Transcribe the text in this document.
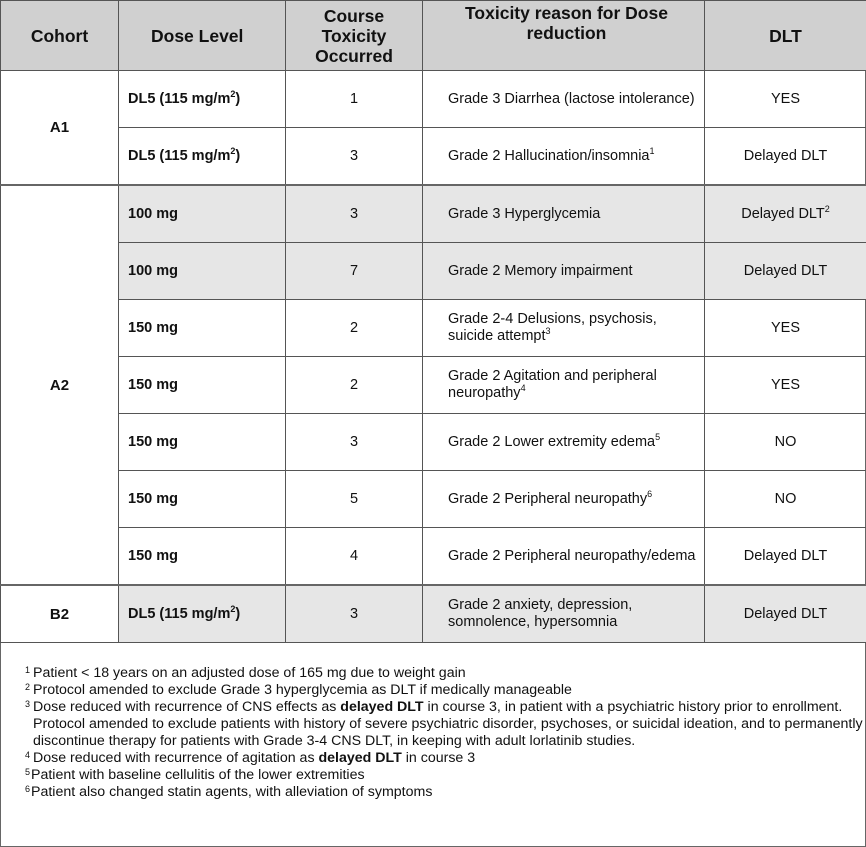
Cohort	Dose Level	Course Toxicity Occurred	Toxicity reason for Dose reduction	DLT
A1	DL5 (115 $mg/m^2$)	1	Grade 3 Diarrhea (lactose intolerance)	YES
	DL5 (115 $mg/m^2$)	3	Grade 2 Hallucination/insomnia$^1$	Delayed DLT
A2	100 mg	3	Grade 3 Hyperglycemia	Delayed DLT$^2$
	100 mg	7	Grade 2 Memory impairment	Delayed DLT
	150 mg	2	Grade 2-4 Delusions, psychosis, suicide attempt$^3$	YES
	150 mg	2	Grade 2 Agitation and peripheral neuropathy$^4$	YES
	150 mg	3	Grade 2 Lower extremity edema$^5$	NO
	150 mg	5	Grade 2 Peripheral neuropathy$^6$	NO
	150 mg	4	Grade 2 Peripheral neuropathy/edema	Delayed DLT
B2	DL5 (115 $mg/m^2$)	3	Grade 2 anxiety, depression, somnolence, hypersomnia	Delayed DLT
1 Patient < 18 years on an adjusted dose of 165 mg due to weight gain
2 Protocol amended to exclude Grade 3 hyperglycemia as DLT if medically manageable
3 Dose reduced with recurrence of CNS effects as delayed DLT in course 3, in patient with a psychiatric history prior to enrollment. Protocol amended to exclude patients with history of severe psychiatric disorder, psychoses, or suicidal ideation, and to permanently discontinue therapy for patients with Grade 3-4 CNS DLT, in keeping with adult lorlatinib studies.
4 Dose reduced with recurrence of agitation as delayed DLT in course 3
5 Patient with baseline cellulitis of the lower extremities
6 Patient also changed statin agents, with alleviation of symptoms
